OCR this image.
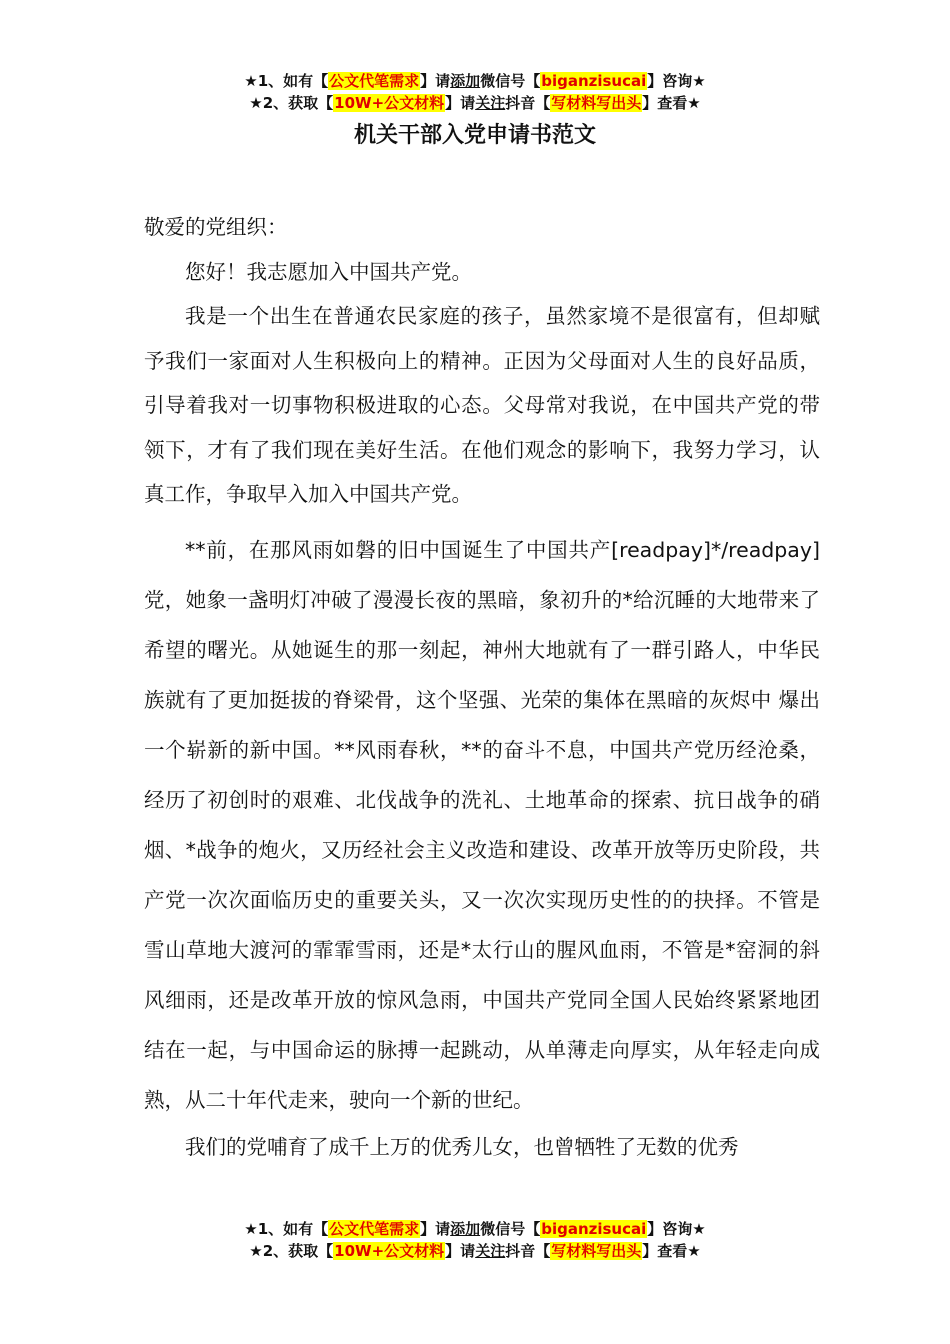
★1、如有【公文代笔需求】请添加微信号【biganzisucai】咨询★
★2、获取【10W+公文材料】请关注抖音【写材料写出头】查看★
机关干部入党申请书范文

敬爱的党组织：

您好！我志愿加入中国共产党。

我是一个出生在普通农民家庭的孩子，虽然家境不是很富有，但却赋予我们一家面对人生积极向上的精神。正因为父母面对人生的良好品质，引导着我对一切事物积极进取的心态。父母常对我说，在中国共产党的带领下，才有了我们现在美好生活。在他们观念的影响下，我努力学习，认真工作，争取早入加入中国共产党。

**前，在那风雨如磐的旧中国诞生了中国共产[readpay]*/readpay]党，她象一盏明灯冲破了漫漫长夜的黑暗，象初升的*给沉睡的大地带来了希望的曙光。从她诞生的那一刻起，神州大地就有了一群引路人，中华民族就有了更加挺拔的脊梁骨，这个坚强、光荣的集体在黑暗的灰烬中 爆出一个崭新的新中国。**风雨春秋，**的奋斗不息，中国共产党历经沧桑，经历了初创时的艰难、北伐战争的洗礼、土地革命的探索、抗日战争的硝烟、*战争的炮火，又历经社会主义改造和建设、改革开放等历史阶段，共产党一次次面临历史的重要关头，又一次次实现历史性的的抉择。不管是雪山草地大渡河的霏霏雪雨，还是*太行山的腥风血雨，不管是*窑洞的斜风细雨，还是改革开放的惊风急雨，中国共产党同全国人民始终紧紧地团结在一起，与中国命运的脉搏一起跳动，从单薄走向厚实，从年轻走向成熟，从二十年代走来，驶向一个新的世纪。

我们的党哺育了成千上万的优秀儿女，也曾牺牲了无数的优秀

★1、如有【公文代笔需求】请添加微信号【biganzisucai】咨询★
★2、获取【10W+公文材料】请关注抖音【写材料写出头】查看★
